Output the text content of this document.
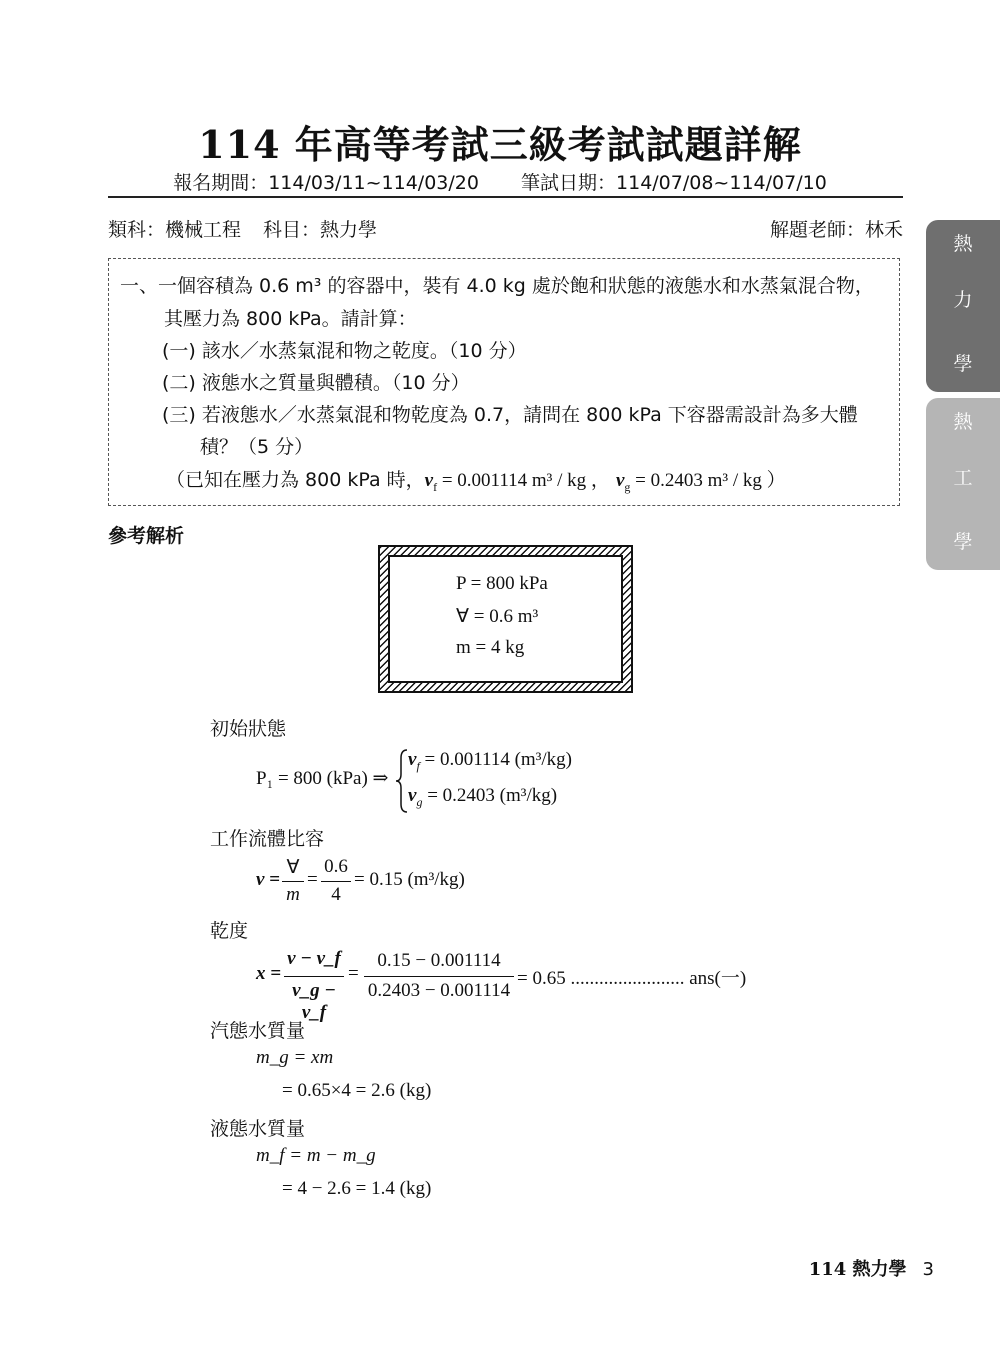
114 年高等考試三級考試試題詳解
報名期間：114/03/11~114/03/20 筆試日期：114/07/08~114/07/10
類科：機械工程 科目：熱力學	解題老師：林禾
一、一個容積為 0.6 m³ 的容器中，裝有 4.0 kg 處於飽和狀態的液態水和水蒸氣混合物，
其壓力為 800 kPa。請計算：
(一) 該水／水蒸氣混和物之乾度。（10 分）
(二) 液態水之質量與體積。（10 分）
(三) 若液態水／水蒸氣混和物乾度為 0.7，請問在 800 kPa 下容器需設計為多大體
積？（5 分）
（已知在壓力為 800 kPa 時，$v_f = 0.001114$ m³ / kg ， $v_g = 0.2403$ m³ / kg ）
參考解析
P = 800 kPa
∀ = 0.6 m³
m = 4 kg
初始狀態
P₁ = 800 (kPa) ⇒
$v_f = 0.001114$ (m³/kg)
$v_g = 0.2403$ (m³/kg)
工作流體比容
v =
∀
m
=
0.6
4
= 0.15 (m³/kg)
乾度
x =
v − v_f
v_g − v_f
=
0.15 − 0.001114
0.2403 − 0.001114
= 0.65 ........................ ans(一)
汽態水質量
m_g = xm
= 0.65×4 = 2.6 (kg)
液態水質量
m_f = m − m_g
= 4 − 2.6 = 1.4 (kg)
114 熱力學 3
熱
力
學
熱
工
學
